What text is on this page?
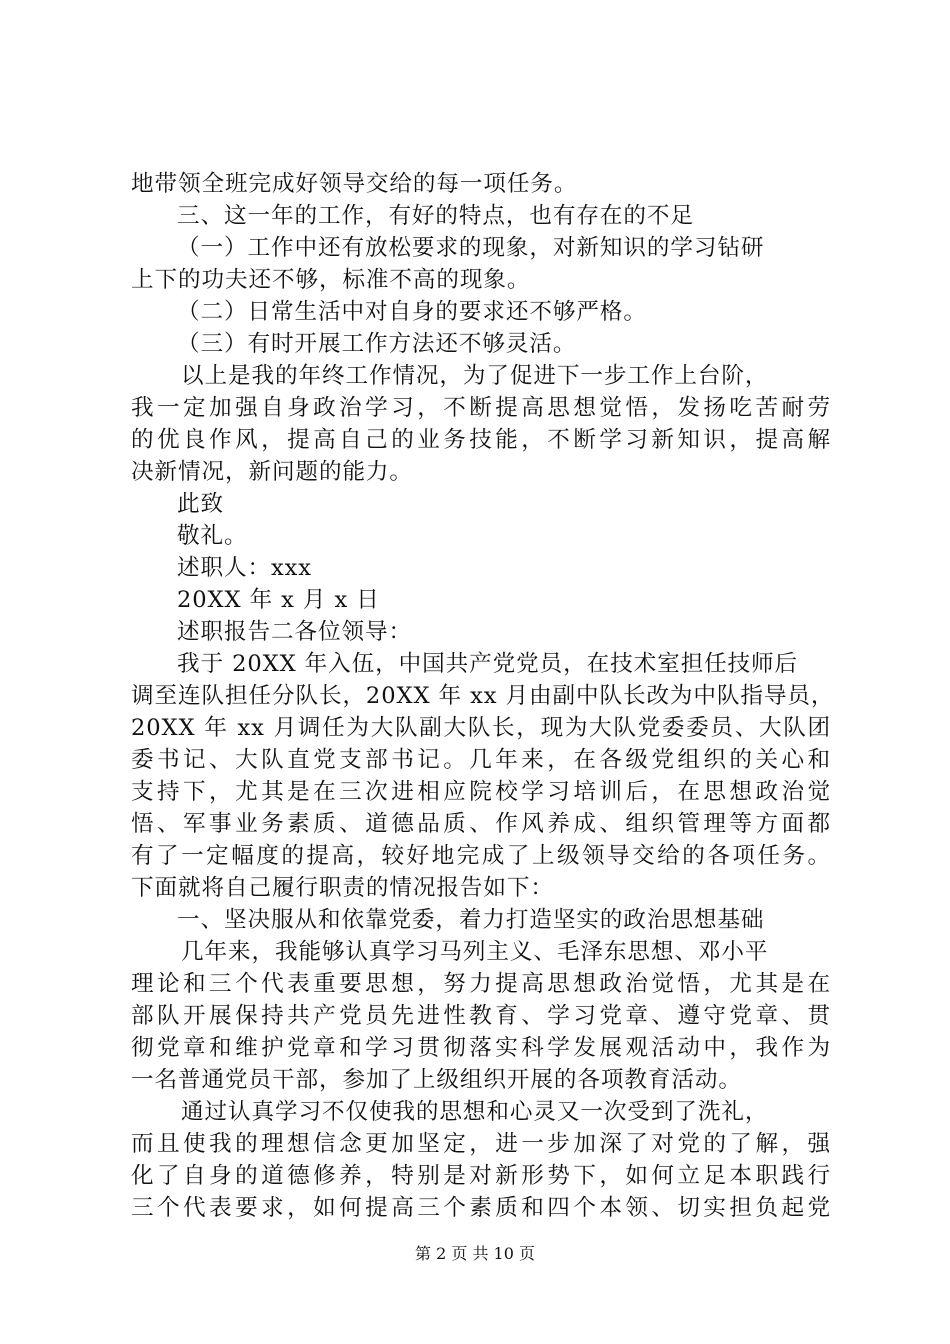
地带领全班完成好领导交给的每一项任务。
三、这一年的工作，有好的特点，也有存在的不足
（一）工作中还有放松要求的现象，对新知识的学习钻研
上下的功夫还不够，标准不高的现象。
（二）日常生活中对自身的要求还不够严格。
（三）有时开展工作方法还不够灵活。
以上是我的年终工作情况，为了促进下一步工作上台阶，
我一定加强自身政治学习，不断提高思想觉悟，发扬吃苦耐劳
的优良作风，提高自己的业务技能，不断学习新知识，提高解
决新情况，新问题的能力。
此致
敬礼。
述职人：xxx
20XX 年 x 月 x 日
述职报告二各位领导：
我于 20XX 年入伍，中国共产党党员，在技术室担任技师后
调至连队担任分队长，20XX 年 xx 月由副中队长改为中队指导员，
20XX 年 xx 月调任为大队副大队长，现为大队党委委员、大队团
委书记、大队直党支部书记。几年来，在各级党组织的关心和
支持下，尤其是在三次进相应院校学习培训后，在思想政治觉
悟、军事业务素质、道德品质、作风养成、组织管理等方面都
有了一定幅度的提高，较好地完成了上级领导交给的各项任务。
下面就将自己履行职责的情况报告如下：
一、坚决服从和依靠党委，着力打造坚实的政治思想基础
几年来，我能够认真学习马列主义、毛泽东思想、邓小平
理论和三个代表重要思想，努力提高思想政治觉悟，尤其是在
部队开展保持共产党员先进性教育、学习党章、遵守党章、贯
彻党章和维护党章和学习贯彻落实科学发展观活动中，我作为
一名普通党员干部，参加了上级组织开展的各项教育活动。
通过认真学习不仅使我的思想和心灵又一次受到了洗礼，
而且使我的理想信念更加坚定，进一步加深了对党的了解，强
化了自身的道德修养，特别是对新形势下，如何立足本职践行
三个代表要求，如何提高三个素质和四个本领、切实担负起党
第 2 页 共 10 页
